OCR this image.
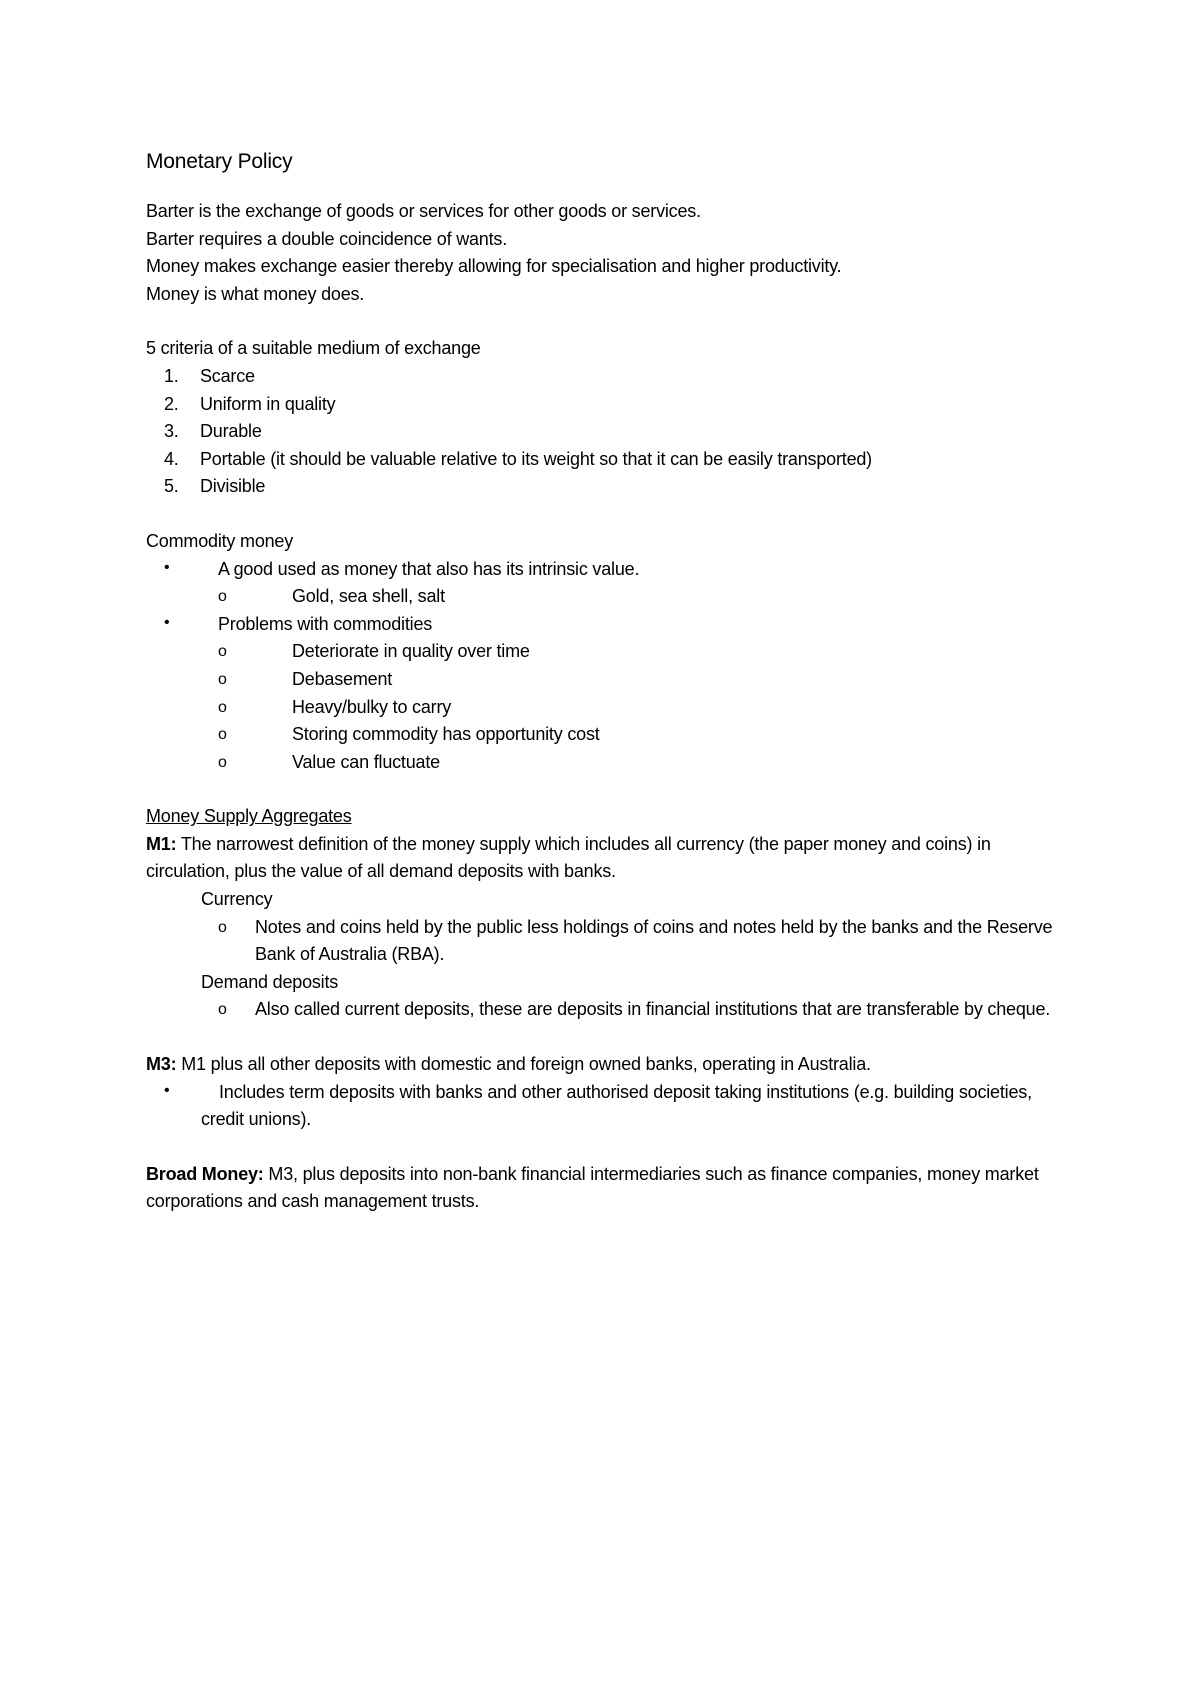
Monetary Policy

Barter is the exchange of goods or services for other goods or services.

Barter requires a double coincidence of wants.

Money makes exchange easier thereby allowing for specialisation and higher productivity.

Money is what money does.

5 criteria of a suitable medium of exchange

1. Scarce
2. Uniform in quality
3. Durable
4. Portable (it should be valuable relative to its weight so that it can be easily transported)
5. Divisible

Commodity money

•	A good used as money that also has its intrinsic value.
o	Gold, sea shell, salt
•	Problems with commodities
o	Deteriorate in quality over time
o	Debasement
o	Heavy/bulky to carry
o	Storing commodity has opportunity cost
o	Value can fluctuate

Money Supply Aggregates

M1: The narrowest definition of the money supply which includes all currency (the paper money and coins) in circulation, plus the value of all demand deposits with banks.

Currency

o	Notes and coins held by the public less holdings of coins and notes held by the banks and the Reserve Bank of Australia (RBA).

Demand deposits

o	Also called current deposits, these are deposits in financial institutions that are transferable by cheque.

M3: M1 plus all other deposits with domestic and foreign owned banks, operating in Australia.

•	Includes term deposits with banks and other authorised deposit taking institutions (e.g. building societies, credit unions).

Broad Money: M3, plus deposits into non-bank financial intermediaries such as finance companies, money market corporations and cash management trusts.
